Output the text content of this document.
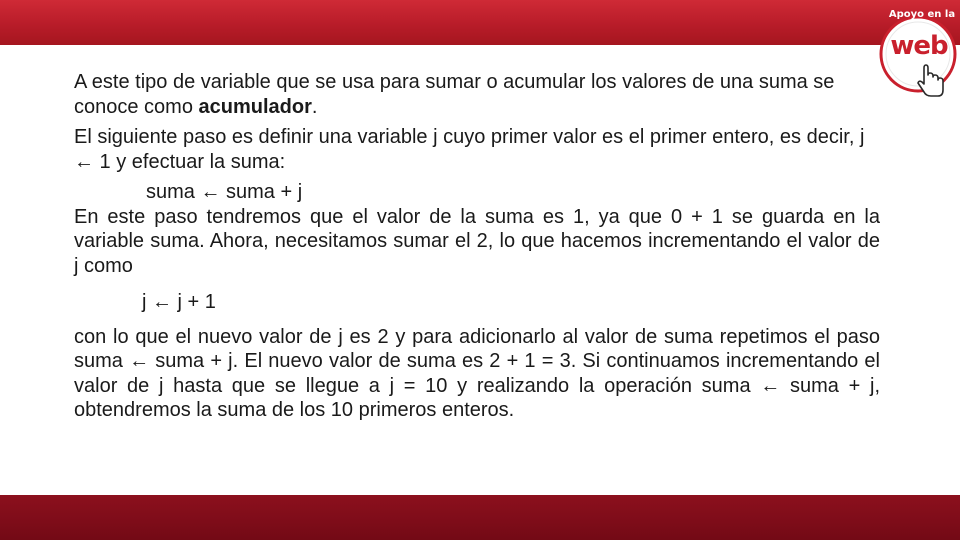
Apoyo en la
web

A este tipo de variable que se usa para sumar o acumular los valores de una suma se conoce como acumulador.

El siguiente paso es definir una variable j cuyo primer valor es el primer entero, es decir, j ← 1 y efectuar la suma:

suma ← suma + j

En este paso tendremos que el valor de la suma es 1, ya que 0 + 1 se guarda en la variable suma. Ahora, necesitamos sumar el 2, lo que hacemos incrementando el valor de j como

j ← j + 1

con lo que el nuevo valor de j es 2 y para adicionarlo al valor de suma repetimos el paso suma ← suma + j. El nuevo valor de suma es 2 + 1 = 3. Si continuamos incrementando el valor de j hasta que se llegue a j = 10 y realizando la operación suma ← suma + j, obtendremos la suma de los 10 primeros enteros.
